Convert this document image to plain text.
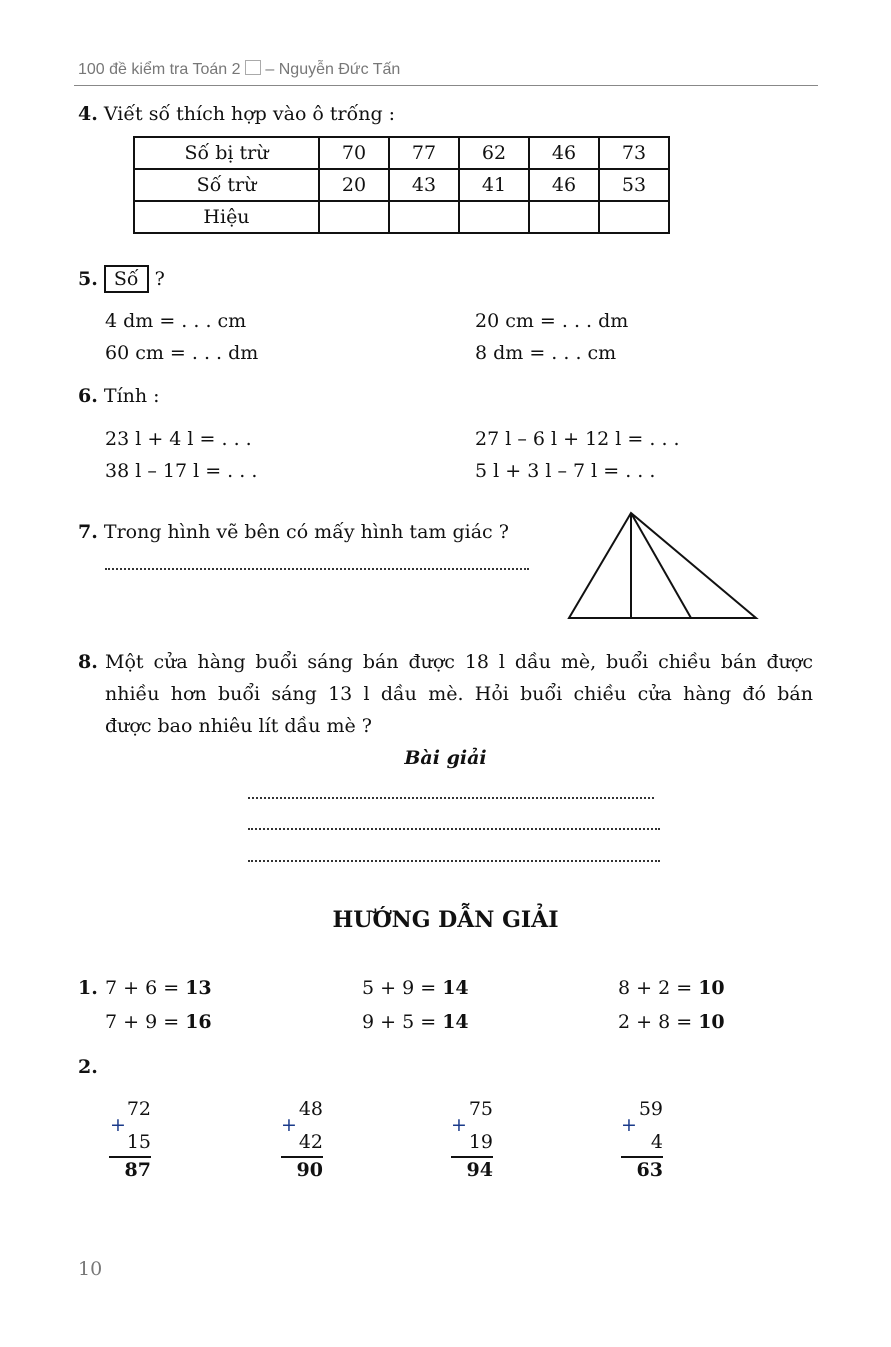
100 đề kiểm tra Toán 2 – Nguyễn Đức Tấn
4. Viết số thích hợp vào ô trống :
Số bị trừ	70	77	62	46	73
Số trừ	20	43	41	46	53
Hiệu					
5. Số ?
4 dm = . . . cm	20 cm = . . . dm
60 cm = . . . dm	8 dm = . . . cm
6. Tính :
23 l + 4 l = . . .	27 l – 6 l + 12 l = . . .
38 l – 17 l = . . .	5 l + 3 l – 7 l = . . .
7. Trong hình vẽ bên có mấy hình tam giác ?
8. Một cửa hàng buổi sáng bán được 18 l dầu mè, buổi chiều bán được
nhiều hơn buổi sáng 13 l dầu mè. Hỏi buổi chiều cửa hàng đó bán
được bao nhiêu lít dầu mè ?
Bài giải
HƯỚNG DẪN GIẢI
1. 7 + 6 = 13	5 + 9 = 14	8 + 2 = 10
7 + 9 = 16	9 + 5 = 14	2 + 8 = 10
2.
72
+
15
87
48
+
42
90
75
+
19
94
59
+
4
63
10
